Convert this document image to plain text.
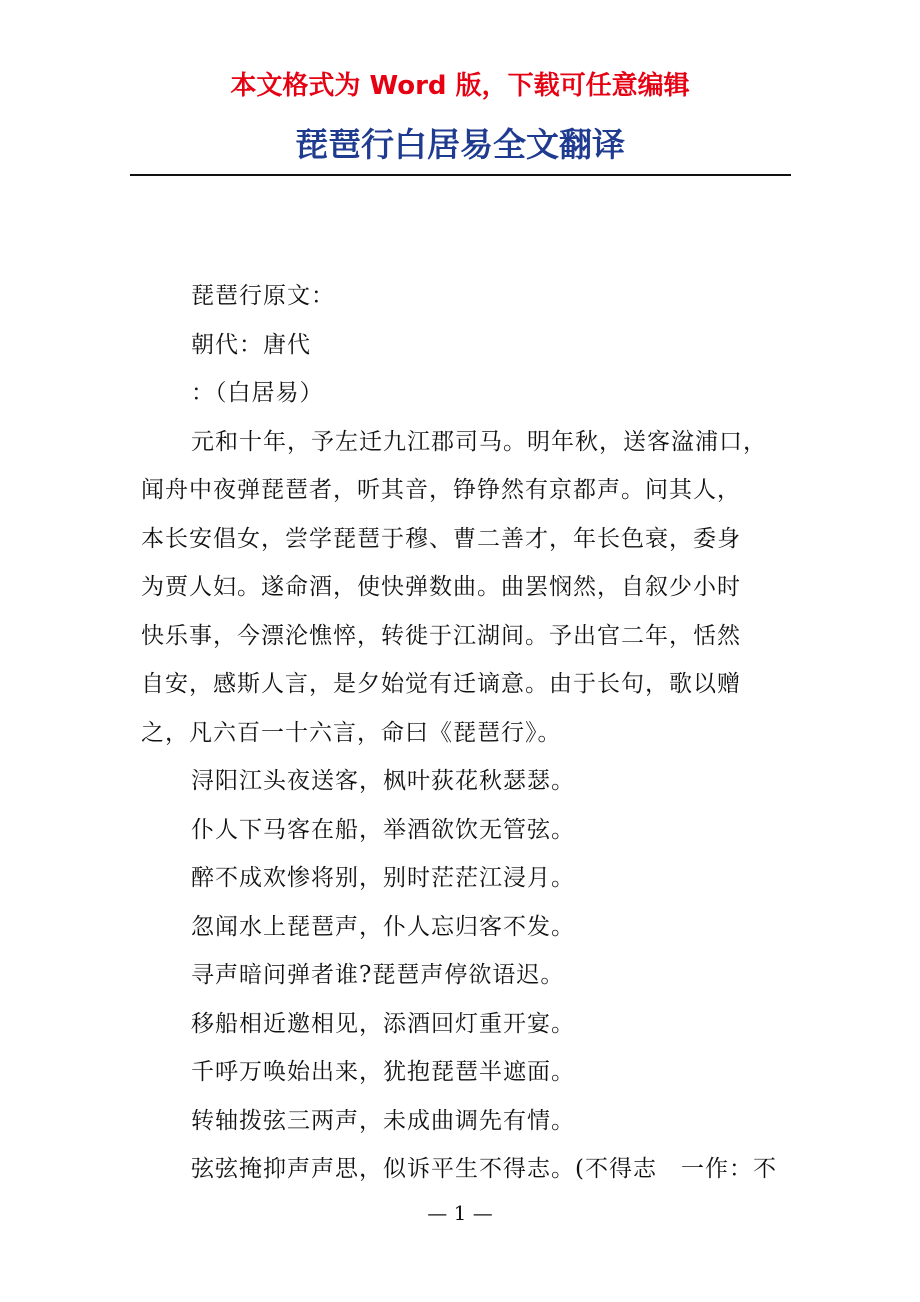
本文格式为 Word 版，下载可任意编辑

琵琶行白居易全文翻译

琵琶行原文：

朝代：唐代

：（白居易）

元和十年，予左迁九江郡司马。明年秋，送客湓浦口，

闻舟中夜弹琵琶者，听其音，铮铮然有京都声。问其人，

本长安倡女，尝学琵琶于穆、曹二善才，年长色衰，委身

为贾人妇。遂命酒，使快弹数曲。曲罢悯然，自叙少小时

快乐事，今漂沦憔悴，转徙于江湖间。予出官二年，恬然

自安，感斯人言，是夕始觉有迁谪意。由于长句，歌以赠

之，凡六百一十六言，命曰《琵琶行》。

浔阳江头夜送客，枫叶荻花秋瑟瑟。

仆人下马客在船，举酒欲饮无管弦。

醉不成欢惨将别，别时茫茫江浸月。

忽闻水上琵琶声，仆人忘归客不发。

寻声暗问弹者谁?琵琶声停欲语迟。

移船相近邀相见，添酒回灯重开宴。

千呼万唤始出来，犹抱琵琶半遮面。

转轴拨弦三两声，未成曲调先有情。

弦弦掩抑声声思，似诉平生不得志。(不得志　一作：不

— 1 —
